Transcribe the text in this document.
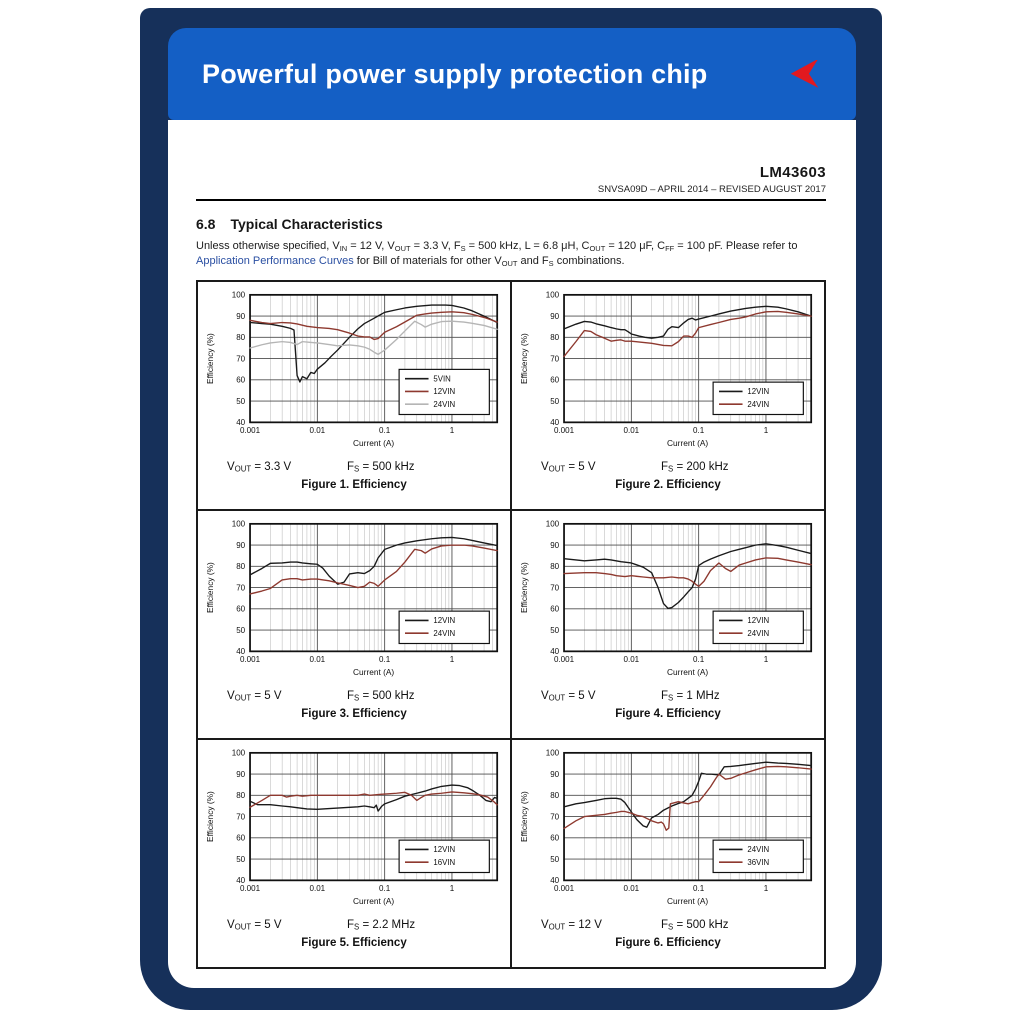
Powerful power supply protection chip
LM43603
SNVSA09D – APRIL 2014 – REVISED AUGUST 2017
6.8 Typical Characteristics
Unless otherwise specified, $V_{IN} = 12$ V, $V_{OUT} = 3.3$ V, $F_S = 500$ kHz, L = 6.8 μH, $C_{OUT} = 120$ μF, $C_{FF} = 100$ pF. Please refer to Application Performance Curves for Bill of materials for other $V_{OUT}$ and $F_S$ combinations.
40
50
60
70
80
90
100
0.001	0.01	0.1	1
Current (A)
Efficiency (%)	5VIN
12VIN
24VIN
$V_{OUT} = 3.3$ V	$F_S = 500$ kHz
Figure 1. Efficiency
40
50
60
70
80
90
100
0.001	0.01	0.1	1
Current (A)
Efficiency (%)
12VIN
24VIN
$V_{OUT} = 5$ V	$F_S = 200$ kHz
Figure 2. Efficiency
40
50
60
70
80
90
100
0.001	0.01	0.1	1
Current (A)
Efficiency (%)
12VIN
24VIN
$V_{OUT} = 5$ V	$F_S = 500$ kHz
Figure 3. Efficiency
40
50
60
70
80
90
100
0.001	0.01	0.1	1
Current (A)
Efficiency (%)
12VIN
24VIN
$V_{OUT} = 5$ V	$F_S = 1$ MHz
Figure 4. Efficiency
40
50
60
70
80
90
100
0.001	0.01	0.1	1
Current (A)
Efficiency (%)
12VIN
16VIN
$V_{OUT} = 5$ V	$F_S = 2.2$ MHz
Figure 5. Efficiency
40
50
60
70
80
90
100
0.001	0.01	0.1	1
Current (A)
Efficiency (%)
24VIN
36VIN
$V_{OUT} = 12$ V	$F_S = 500$ kHz
Figure 6. Efficiency
